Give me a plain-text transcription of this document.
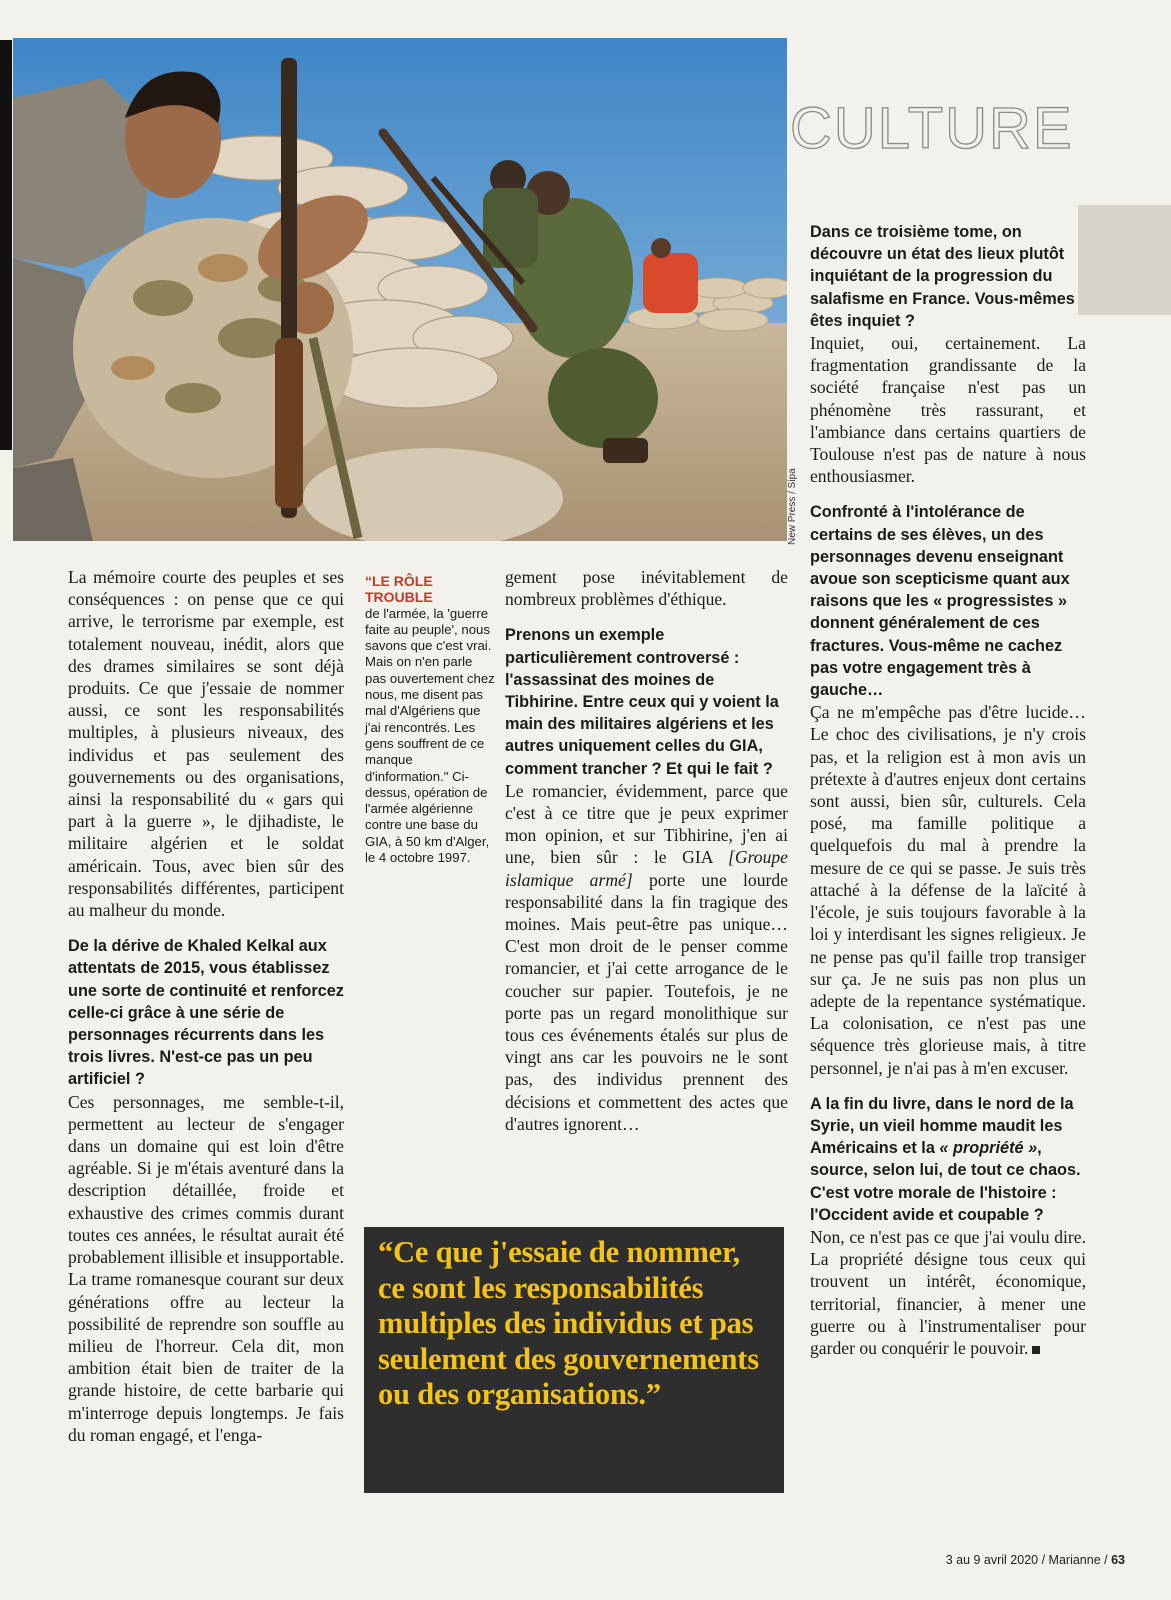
New Press / Sipa
CULTURE

La mémoire courte des peuples et ses conséquences : on pense que ce qui arrive, le terrorisme par exemple, est totalement nouveau, inédit, alors que des drames similaires se sont déjà produits. Ce que j'essaie de nommer aussi, ce sont les responsabilités multiples, à plusieurs niveaux, des individus et pas seulement des gouvernements ou des organisations, ainsi la responsabilité du « gars qui part à la guerre », le djihadiste, le militaire algérien et le soldat américain. Tous, avec bien sûr des responsabilités différentes, participent au malheur du monde.

De la dérive de Khaled Kelkal aux attentats de 2015, vous établissez une sorte de continuité et renforcez celle-ci grâce à une série de personnages récurrents dans les trois livres. N'est-ce pas un peu artificiel ?

Ces personnages, me semble-t-il, permettent au lecteur de s'engager dans un domaine qui est loin d'être agréable. Si je m'étais aventuré dans la description détaillée, froide et exhaustive des crimes commis durant toutes ces années, le résultat aurait été probablement illisible et insupportable. La trame romanesque courant sur deux générations offre au lecteur la possibilité de reprendre son souffle au milieu de l'horreur. Cela dit, mon ambition était bien de traiter de la grande histoire, de cette barbarie qui m'interroge depuis longtemps. Je fais du roman engagé, et l'enga-

“LE RÔLE TROUBLE
de l'armée, la 'guerre faite au peuple', nous savons que c'est vrai. Mais on n'en parle pas ouvertement chez nous, me disent pas mal d'Algériens que j'ai rencontrés. Les gens souffrent de ce manque d'information." Ci-dessus, opération de l'armée algérienne contre une base du GIA, à 50 km d'Alger, le 4 octobre 1997.

gement pose inévitablement de nombreux problèmes d'éthique.

Prenons un exemple particulièrement controversé : l'assassinat des moines de Tibhirine. Entre ceux qui y voient la main des militaires algériens et les autres uniquement celles du GIA, comment trancher ? Et qui le fait ?

Le romancier, évidemment, parce que c'est à ce titre que je peux exprimer mon opinion, et sur Tibhirine, j'en ai une, bien sûr : le GIA [Groupe islamique armé] porte une lourde responsabilité dans la fin tragique des moines. Mais peut-être pas unique… C'est mon droit de le penser comme romancier, et j'ai cette arrogance de le coucher sur papier. Toutefois, je ne porte pas un regard monolithique sur tous ces événements étalés sur plus de vingt ans car les pouvoirs ne le sont pas, des individus prennent des décisions et commettent des actes que d'autres ignorent…

Dans ce troisième tome, on découvre un état des lieux plutôt inquiétant de la progression du salafisme en France. Vous-mêmes êtes inquiet ?

Inquiet, oui, certainement. La fragmentation grandissante de la société française n'est pas un phénomène très rassurant, et l'ambiance dans certains quartiers de Toulouse n'est pas de nature à nous enthousiasmer.

Confronté à l'intolérance de certains de ses élèves, un des personnages devenu enseignant avoue son scepticisme quant aux raisons que les « progressistes » donnent généralement de ces fractures. Vous-même ne cachez pas votre engagement très à gauche…

Ça ne m'empêche pas d'être lucide… Le choc des civilisations, je n'y crois pas, et la religion est à mon avis un prétexte à d'autres enjeux dont certains sont aussi, bien sûr, culturels. Cela posé, ma famille politique a quelquefois du mal à prendre la mesure de ce qui se passe. Je suis très attaché à la défense de la laïcité à l'école, je suis toujours favorable à la loi y interdisant les signes religieux. Je ne pense pas qu'il faille trop transiger sur ça. Je ne suis pas non plus un adepte de la repentance systématique. La colonisation, ce n'est pas une séquence très glorieuse mais, à titre personnel, je n'ai pas à m'en excuser.

A la fin du livre, dans le nord de la Syrie, un vieil homme maudit les Américains et la « propriété », source, selon lui, de tout ce chaos. C'est votre morale de l'histoire : l'Occident avide et coupable ?

Non, ce n'est pas ce que j'ai voulu dire. La propriété désigne tous ceux qui trouvent un intérêt, économique, territorial, financier, à mener une guerre ou à l'instrumentaliser pour garder ou conquérir le pouvoir.

“Ce que j'essaie de nommer, ce sont les responsabilités multiples des individus et pas seulement des gouvernements ou des organisations.”

3 au 9 avril 2020 / Marianne / 63
